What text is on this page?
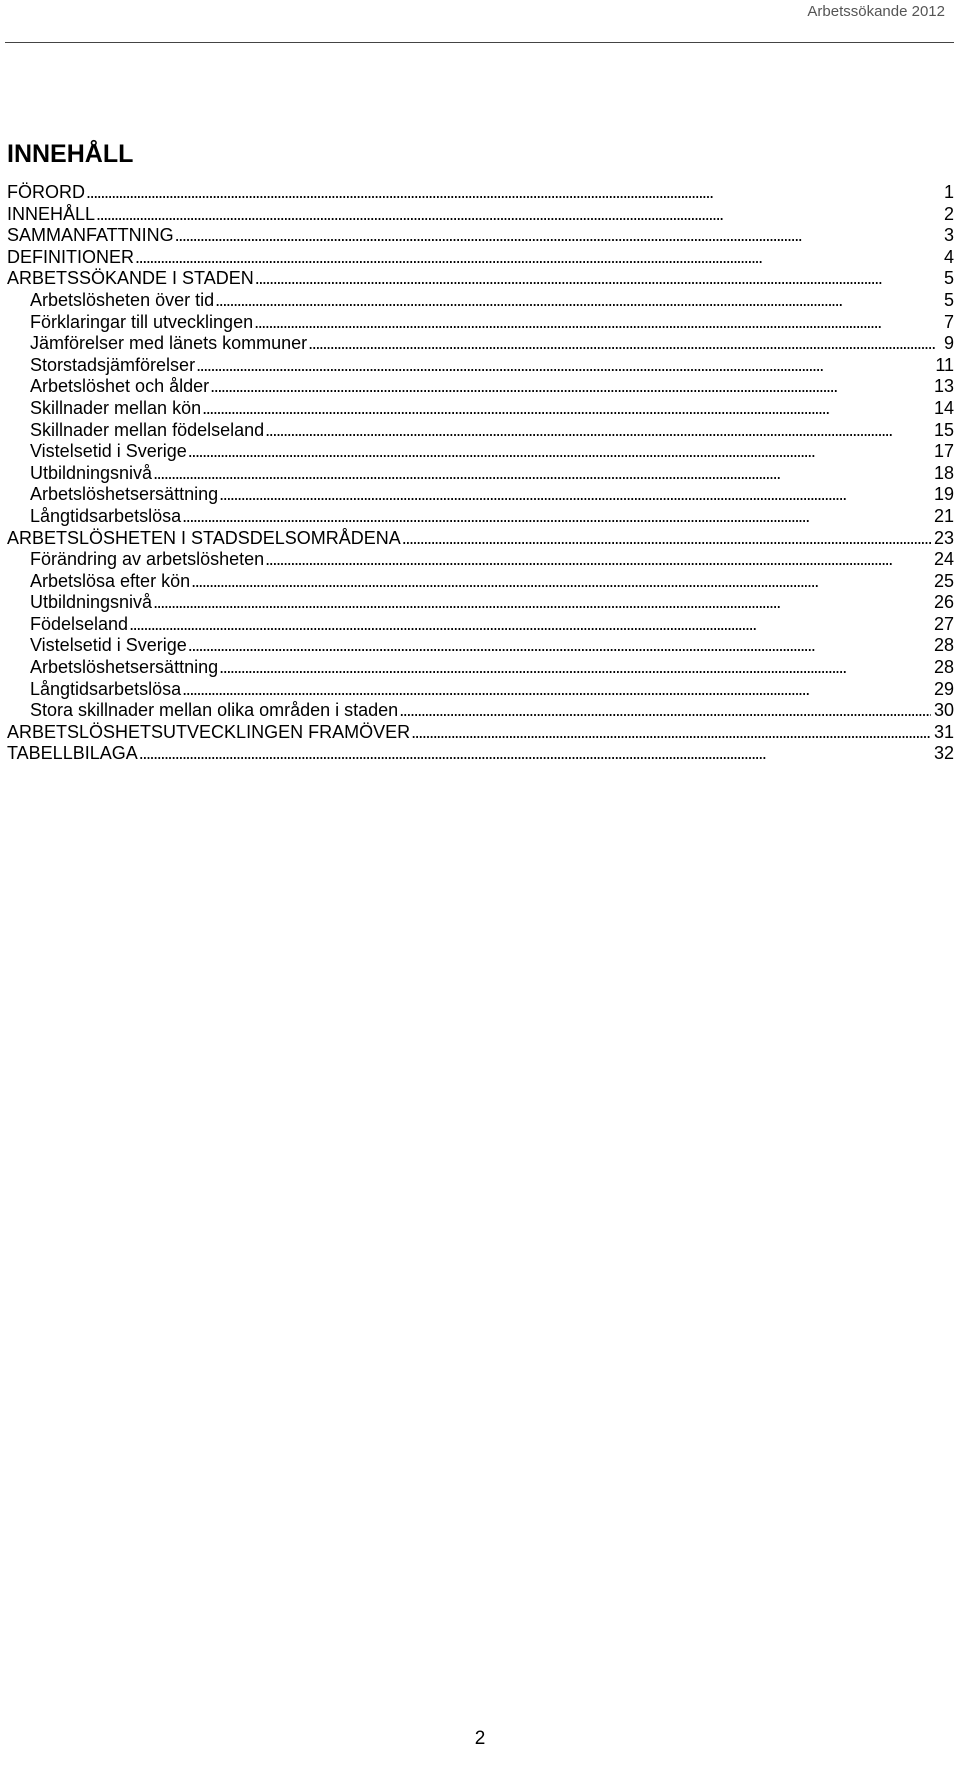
Arbetssökande 2012
INNEHÅLL
FÖRORD . . .	1
INNEHÅLL . . .	2
SAMMANFATTNING . . .	3
DEFINITIONER . . .	4
ARBETSSÖKANDE I STADEN . . .	5
Arbetslösheten över tid . . .	5
Förklaringar till utvecklingen . . .	7
Jämförelser med länets kommuner . . .	9
Storstadsjämförelser . . .	11
Arbetslöshet och ålder . . .	13
Skillnader mellan kön . . .	14
Skillnader mellan födelseland . . .	15
Vistelsetid i Sverige . . .	17
Utbildningsnivå . . .	18
Arbetslöshetsersättning . . .	19
Långtidsarbetslösa . . .	21
ARBETSLÖSHETEN I STADSDELSOMRÅDENA . . .	23
Förändring av arbetslösheten . . .	24
Arbetslösa efter kön . . .	25
Utbildningsnivå . . .	26
Födelseland . . .	27
Vistelsetid i Sverige . . .	28
Arbetslöshetsersättning . . .	28
Långtidsarbetslösa . . .	29
Stora skillnader mellan olika områden i staden . . .	30
ARBETSLÖSHETSUTVECKLINGEN FRAMÖVER . . .	31
TABELLBILAGA . . .	32
2
